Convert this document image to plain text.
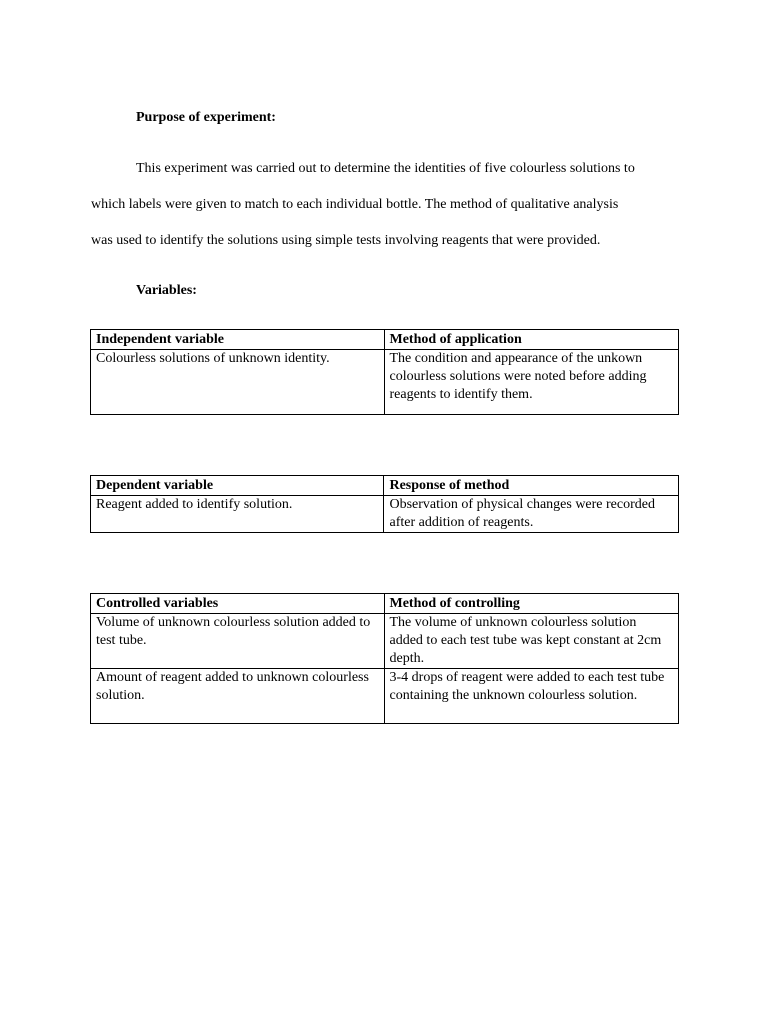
Purpose of experiment:
This experiment was carried out to determine the identities of five colourless solutions to
which labels were given to match to each individual bottle. The method of qualitative analysis
was used to identify the solutions using simple tests involving reagents that were provided.
Variables:
Independent variable	Method of application
Colourless solutions of unknown identity.	The condition and appearance of the unkown colourless solutions were noted before adding reagents to identify them.
Dependent variable	Response of method
Reagent added to identify solution.	Observation of physical changes were recorded after addition of reagents.
Controlled variables	Method of controlling
Volume of unknown colourless solution added to test tube.	The volume of unknown colourless solution added to each test tube was kept constant at 2cm depth.
Amount of reagent added to unknown colourless solution.	3-4 drops of reagent were added to each test tube containing the unknown colourless solution.
